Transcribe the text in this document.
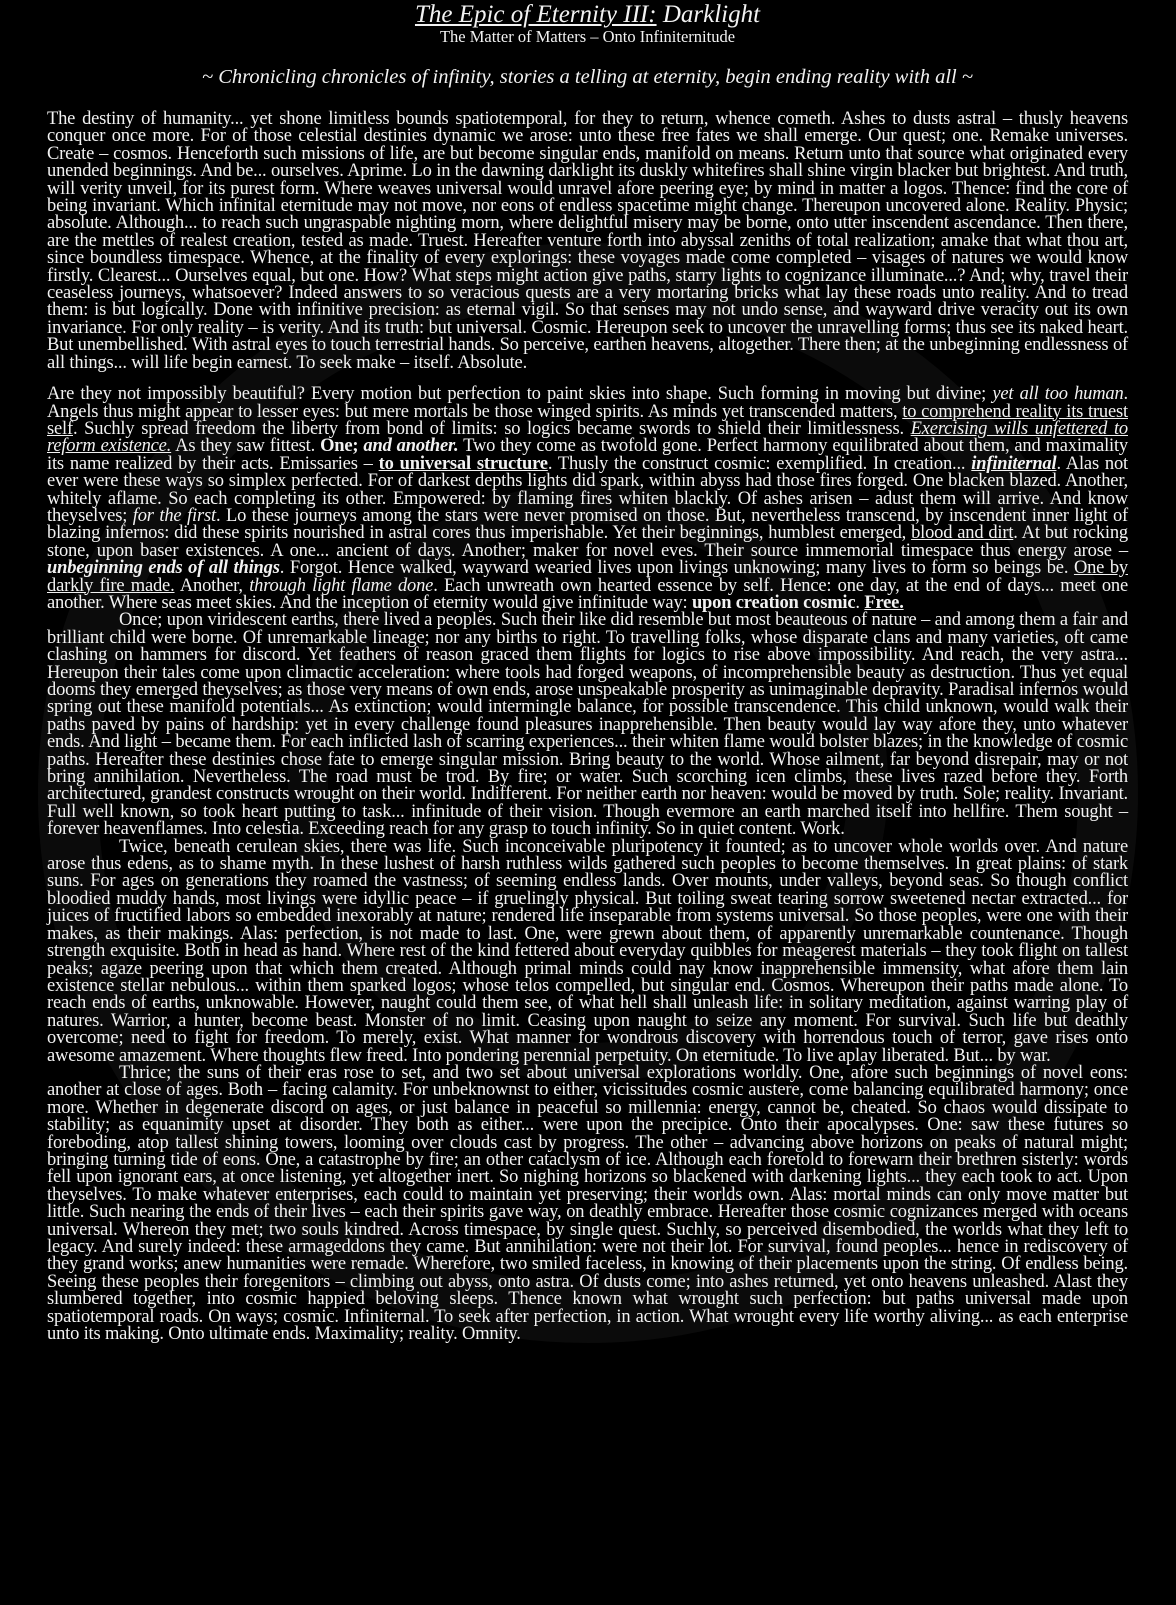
The Epic of Eternity III: Darklight

The Matter of Matters – Onto Infiniternitude

~ Chronicling chronicles of infinity, stories a telling at eternity, begin ending reality with all ~

The destiny of humanity... yet shone limitless bounds spatiotemporal, for they to return, whence cometh. Ashes to dusts astral – thusly heavens conquer once more. For of those celestial destinies dynamic we arose: unto these free fates we shall emerge. Our quest; one. Remake universes. Create – cosmos. Henceforth such missions of life, are but become singular ends, manifold on means. Return unto that source what originated every unended beginnings. And be... ourselves. Aprime. Lo in the dawning darklight its duskly whitefires shall shine virgin blacker but brightest. And truth, will verity unveil, for its purest form. Where weaves universal would unravel afore peering eye; by mind in matter a logos. Thence: find the core of being invariant. Which infinital eternitude may not move, nor eons of endless spacetime might change. Thereupon uncovered alone. Reality. Physic; absolute. Although... to reach such ungraspable nighting morn, where delightful misery may be borne, onto utter inscendent ascendance. Then there, are the mettles of realest creation, tested as made. Truest. Hereafter venture forth into abyssal zeniths of total realization; amake that what thou art, since boundless timespace. Whence, at the finality of every explorings: these voyages made come completed – visages of natures we would know firstly. Clearest... Ourselves equal, but one. How? What steps might action give paths, starry lights to cognizance illuminate...? And; why, travel their ceaseless journeys, whatsoever? Indeed answers to so veracious quests are a very mortaring bricks what lay these roads unto reality. And to tread them: is but logically. Done with infinitive precision: as eternal vigil. So that senses may not undo sense, and wayward drive veracity out its own invariance. For only reality – is verity. And its truth: but universal. Cosmic. Hereupon seek to uncover the unravelling forms; thus see its naked heart. But unembellished. With astral eyes to touch terrestrial hands. So perceive, earthen heavens, altogether. There then; at the unbeginning endlessness of all things... will life begin earnest. To seek make – itself. Absolute.

Are they not impossibly beautiful? Every motion but perfection to paint skies into shape. Such forming in moving but divine; yet all too human. Angels thus might appear to lesser eyes: but mere mortals be those winged spirits. As minds yet transcended matters, to comprehend reality its truest self. Suchly spread freedom the liberty from bond of limits: so logics became swords to shield their limitlessness. Exercising wills unfettered to reform existence. As they saw fittest. One; and another. Two they come as twofold gone. Perfect harmony equilibrated about them, and maximality its name realized by their acts. Emissaries – to universal structure. Thusly the construct cosmic: exemplified. In creation... infiniternal. Alas not ever were these ways so simplex perfected. For of darkest depths lights did spark, within abyss had those fires forged. One blacken blazed. Another, whitely aflame. So each completing its other. Empowered: by flaming fires whiten blackly. Of ashes arisen – adust them will arrive. And know theyselves; for the first. Lo these journeys among the stars were never promised on those. But, nevertheless transcend, by inscendent inner light of blazing infernos: did these spirits nourished in astral cores thus imperishable. Yet their beginnings, humblest emerged, blood and dirt. At but rocking stone, upon baser existences. A one... ancient of days. Another; maker for novel eves. Their source immemorial timespace thus energy arose – unbeginning ends of all things. Forgot. Hence walked, wayward wearied lives upon livings unknowing; many lives to form so beings be. One by darkly fire made. Another, through light flame done. Each unwreath own hearted essence by self. Hence: one day, at the end of days... meet one another. Where seas meet skies. And the inception of eternity would give infinitude way: upon creation cosmic. Free.
Once; upon viridescent earths, there lived a peoples. Such their like did resemble but most beauteous of nature – and among them a fair and brilliant child were borne. Of unremarkable lineage; nor any births to right. To travelling folks, whose disparate clans and many varieties, oft came clashing on hammers for discord. Yet feathers of reason graced them flights for logics to rise above impossibility. And reach, the very astra... Hereupon their tales come upon climactic acceleration: where tools had forged weapons, of incomprehensible beauty as destruction. Thus yet equal dooms they emerged theyselves; as those very means of own ends, arose unspeakable prosperity as unimaginable depravity. Paradisal infernos would spring out these manifold potentials... As extinction; would intermingle balance, for possible transcendence. This child unknown, would walk their paths paved by pains of hardship: yet in every challenge found pleasures inapprehensible. Then beauty would lay way afore they, unto whatever ends. And light – became them. For each inflicted lash of scarring experiences... their whiten flame would bolster blazes; in the knowledge of cosmic paths. Hereafter these destinies chose fate to emerge singular mission. Bring beauty to the world. Whose ailment, far beyond disrepair, may or not bring annihilation. Nevertheless. The road must be trod. By fire; or water. Such scorching icen climbs, these lives razed before they. Forth architectured, grandest constructs wrought on their world. Indifferent. For neither earth nor heaven: would be moved by truth. Sole; reality. Invariant. Full well known, so took heart putting to task... infinitude of their vision. Though evermore an earth marched itself into hellfire. Them sought – forever heavenflames. Into celestia. Exceeding reach for any grasp to touch infinity. So in quiet content. Work.
Twice, beneath cerulean skies, there was life. Such inconceivable pluripotency it founted; as to uncover whole worlds over. And nature arose thus edens, as to shame myth. In these lushest of harsh ruthless wilds gathered such peoples to become themselves. In great plains: of stark suns. For ages on generations they roamed the vastness; of seeming endless lands. Over mounts, under valleys, beyond seas. So though conflict bloodied muddy hands, most livings were idyllic peace – if gruelingly physical. But toiling sweat tearing sorrow sweetened nectar extracted... for juices of fructified labors so embedded inexorably at nature; rendered life inseparable from systems universal. So those peoples, were one with their makes, as their makings. Alas: perfection, is not made to last. One, were grewn about them, of apparently unremarkable countenance. Though strength exquisite. Both in head as hand. Where rest of the kind fettered about everyday quibbles for meagerest materials – they took flight on tallest peaks; agaze peering upon that which them created. Although primal minds could nay know inapprehensible immensity, what afore them lain existence stellar nebulous... within them sparked logos; whose telos compelled, but singular end. Cosmos. Whereupon their paths made alone. To reach ends of earths, unknowable. However, naught could them see, of what hell shall unleash life: in solitary meditation, against warring play of natures. Warrior, a hunter, become beast. Monster of no limit. Ceasing upon naught to seize any moment. For survival. Such life but deathly overcome; need to fight for freedom. To merely, exist. What manner for wondrous discovery with horrendous touch of terror, gave rises onto awesome amazement. Where thoughts flew freed. Into pondering perennial perpetuity. On eternitude. To live aplay liberated. But... by war.
Thrice; the suns of their eras rose to set, and two set about universal explorations worldly. One, afore such beginnings of novel eons: another at close of ages. Both – facing calamity. For unbeknownst to either, vicissitudes cosmic austere, come balancing equilibrated harmony; once more. Whether in degenerate discord on ages, or just balance in peaceful so millennia: energy, cannot be, cheated. So chaos would dissipate to stability; as equanimity upset at disorder. They both as either... were upon the precipice. Onto their apocalypses. One: saw these futures so foreboding, atop tallest shining towers, looming over clouds cast by progress. The other – advancing above horizons on peaks of natural might; bringing turning tide of eons. One, a catastrophe by fire; an other cataclysm of ice. Although each foretold to forewarn their brethren sisterly: words fell upon ignorant ears, at once listening, yet altogether inert. So nighing horizons so blackened with darkening lights... they each took to act. Upon theyselves. To make whatever enterprises, each could to maintain yet preserving; their worlds own. Alas: mortal minds can only move matter but little. Such nearing the ends of their lives – each their spirits gave way, on deathly embrace. Hereafter those cosmic cognizances merged with oceans universal. Whereon they met; two souls kindred. Across timespace, by single quest. Suchly, so perceived disembodied, the worlds what they left to legacy. And surely indeed: these armageddons they came. But annihilation: were not their lot. For survival, found peoples... hence in rediscovery of they grand works; anew humanities were remade. Wherefore, two smiled faceless, in knowing of their placements upon the string. Of endless being. Seeing these peoples their foregenitors – climbing out abyss, onto astra. Of dusts come; into ashes returned, yet onto heavens unleashed. Alast they slumbered together, into cosmic happied beloving sleeps. Thence known what wrought such perfection: but paths universal made upon spatiotemporal roads. On ways; cosmic. Infiniternal. To seek after perfection, in action. What wrought every life worthy aliving... as each enterprise unto its making. Onto ultimate ends. Maximality; reality. Omnity.
